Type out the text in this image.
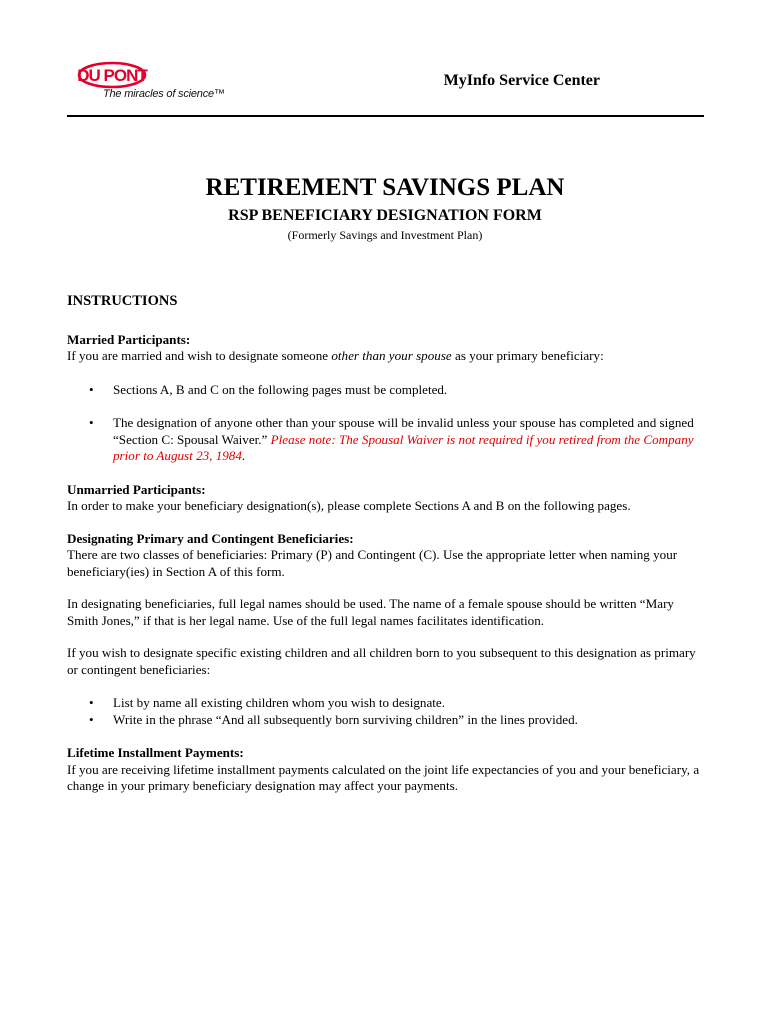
DU PONT
The miracles of science™
MyInfo Service Center
RETIREMENT SAVINGS PLAN
RSP BENEFICIARY DESIGNATION FORM
(Formerly Savings and Investment Plan)
INSTRUCTIONS

Married Participants:

If you are married and wish to designate someone other than your spouse as your primary beneficiary:

• Sections A, B and C on the following pages must be completed.
• The designation of anyone other than your spouse will be invalid unless your spouse has completed and signed “Section C: Spousal Waiver.” Please note: The Spousal Waiver is not required if you retired from the Company prior to August 23, 1984.

Unmarried Participants:

In order to make your beneficiary designation(s), please complete Sections A and B on the following pages.

Designating Primary and Contingent Beneficiaries:

There are two classes of beneficiaries: Primary (P) and Contingent (C). Use the appropriate letter when naming your beneficiary(ies) in Section A of this form.

In designating beneficiaries, full legal names should be used. The name of a female spouse should be written “Mary Smith Jones,” if that is her legal name. Use of the full legal names facilitates identification.

If you wish to designate specific existing children and all children born to you subsequent to this designation as primary or contingent beneficiaries:

• List by name all existing children whom you wish to designate.
• Write in the phrase “And all subsequently born surviving children” in the lines provided.

Lifetime Installment Payments:

If you are receiving lifetime installment payments calculated on the joint life expectancies of you and your beneficiary, a change in your primary beneficiary designation may affect your payments.
